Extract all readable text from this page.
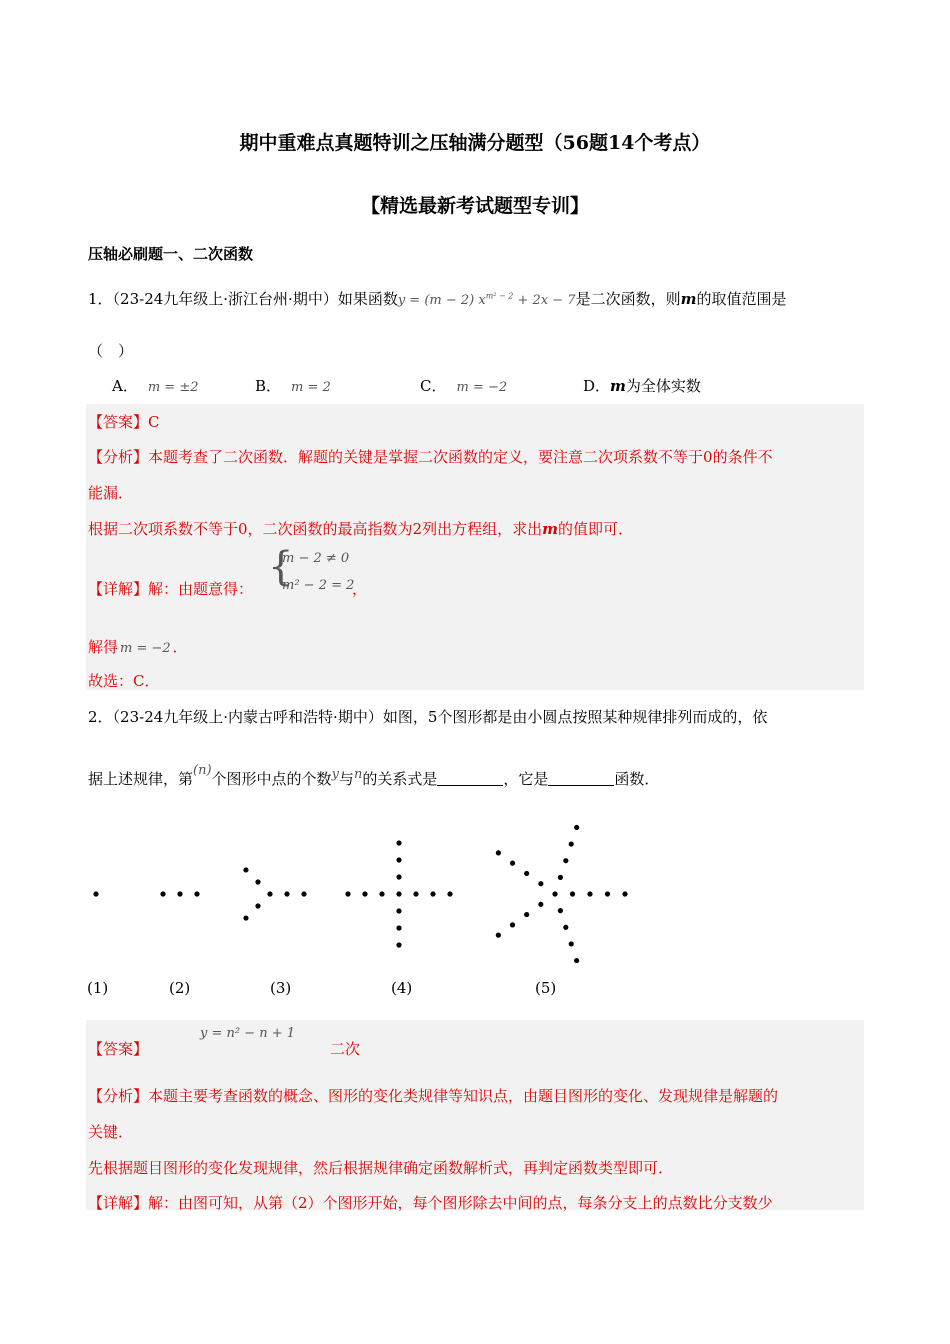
期中重难点真题特训之压轴满分题型（56题14个考点）
【精选最新考试题型专训】
压轴必刷题一、二次函数
1．（23-24九年级上·浙江台州·期中）如果函数y = (m − 2) $x^{m^2 - 2} + 2x - 7$是二次函数，则m的取值范围是
（　）
A． m = ±2	B． m = 2	C． m = −2	D．m为全体实数
【答案】C
【分析】本题考查了二次函数．解题的关键是掌握二次函数的定义，要注意二次项系数不等于0的条件不
能漏．
根据二次项系数不等于0，二次函数的最高指数为2列出方程组，求出m的值即可．
【详解】解：由题意得： {
m − 2 ≠ 0
m² − 2 = 2
，
解得 m = −2 ．
故选：C．
2．（23-24九年级上·内蒙古呼和浩特·期中）如图，5个图形都是由小圆点按照某种规律排列而成的，依
据上述规律，第(n)个图形中点的个数y与n的关系式是	，它是	函数．
(1)	(2)	(3)	(4)	(5)
【答案】
y = n² − n + 1
二次
【分析】本题主要考查函数的概念、图形的变化类规律等知识点，由题目图形的变化、发现规律是解题的
关键．
先根据题目图形的变化发现规律，然后根据规律确定函数解析式，再判定函数类型即可．
【详解】解：由图可知，从第（2）个图形开始，每个图形除去中间的点，每条分支上的点数比分支数少
